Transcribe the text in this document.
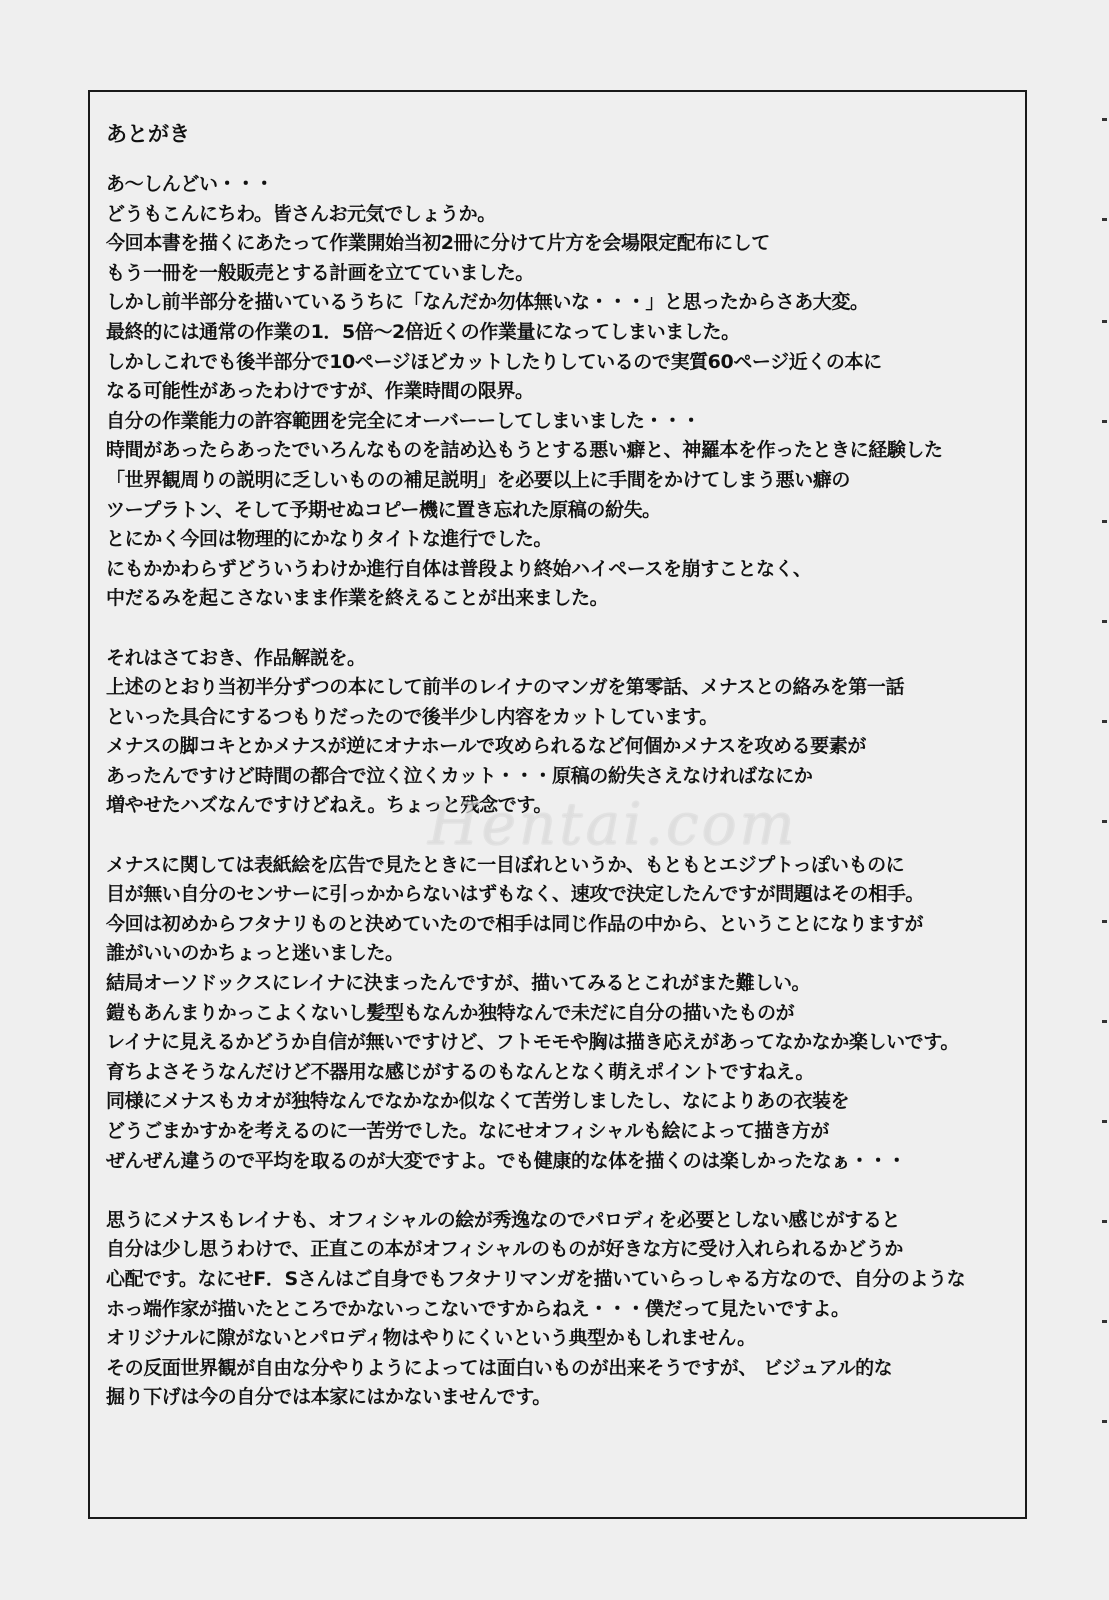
あとがき
あ〜しんどい・・・
どうもこんにちわ。皆さんお元気でしょうか。
今回本書を描くにあたって作業開始当初2冊に分けて片方を会場限定配布にして
もう一冊を一般販売とする計画を立てていました。
しかし前半部分を描いているうちに「なんだか勿体無いな・・・」と思ったからさあ大変。
最終的には通常の作業の1．5倍〜2倍近くの作業量になってしまいました。
しかしこれでも後半部分で10ページほどカットしたりしているので実質60ページ近くの本に
なる可能性があったわけですが、作業時間の限界。
自分の作業能力の許容範囲を完全にオーバーーしてしまいました・・・
時間があったらあったでいろんなものを詰め込もうとする悪い癖と、神羅本を作ったときに経験した
「世界観周りの説明に乏しいものの補足説明」を必要以上に手間をかけてしまう悪い癖の
ツープラトン、そして予期せぬコピー機に置き忘れた原稿の紛失。
とにかく今回は物理的にかなりタイトな進行でした。
にもかかわらずどういうわけか進行自体は普段より終始ハイペースを崩すことなく、
中だるみを起こさないまま作業を終えることが出来ました。
それはさておき、作品解説を。
上述のとおり当初半分ずつの本にして前半のレイナのマンガを第零話、メナスとの絡みを第一話
といった具合にするつもりだったので後半少し内容をカットしています。
メナスの脚コキとかメナスが逆にオナホールで攻められるなど何個かメナスを攻める要素が
あったんですけど時間の都合で泣く泣くカット・・・原稿の紛失さえなければなにか
増やせたハズなんですけどねえ。ちょっと残念です。
メナスに関しては表紙絵を広告で見たときに一目ぼれというか、もともとエジプトっぽいものに
目が無い自分のセンサーに引っかからないはずもなく、速攻で決定したんですが問題はその相手。
今回は初めからフタナリものと決めていたので相手は同じ作品の中から、ということになりますが
誰がいいのかちょっと迷いました。
結局オーソドックスにレイナに決まったんですが、描いてみるとこれがまた難しい。
鎧もあんまりかっこよくないし髪型もなんか独特なんで未だに自分の描いたものが
レイナに見えるかどうか自信が無いですけど、フトモモや胸は描き応えがあってなかなか楽しいです。
育ちよさそうなんだけど不器用な感じがするのもなんとなく萌えポイントですねえ。
同様にメナスもカオが独特なんでなかなか似なくて苦労しましたし、なによりあの衣装を
どうごまかすかを考えるのに一苦労でした。なにせオフィシャルも絵によって描き方が
ぜんぜん違うので平均を取るのが大変ですよ。でも健康的な体を描くのは楽しかったなぁ・・・
思うにメナスもレイナも、オフィシャルの絵が秀逸なのでパロディを必要としない感じがすると
自分は少し思うわけで、正直この本がオフィシャルのものが好きな方に受け入れられるかどうか
心配です。なにせF．Sさんはご自身でもフタナリマンガを描いていらっしゃる方なので、自分のような
ホっ端作家が描いたところでかないっこないですからねえ・・・僕だって見たいですよ。
オリジナルに隙がないとパロディ物はやりにくいという典型かもしれません。
その反面世界観が自由な分やりようによっては面白いものが出来そうですが、 ビジュアル的な
掘り下げは今の自分では本家にはかないませんです。
Hentai.com
